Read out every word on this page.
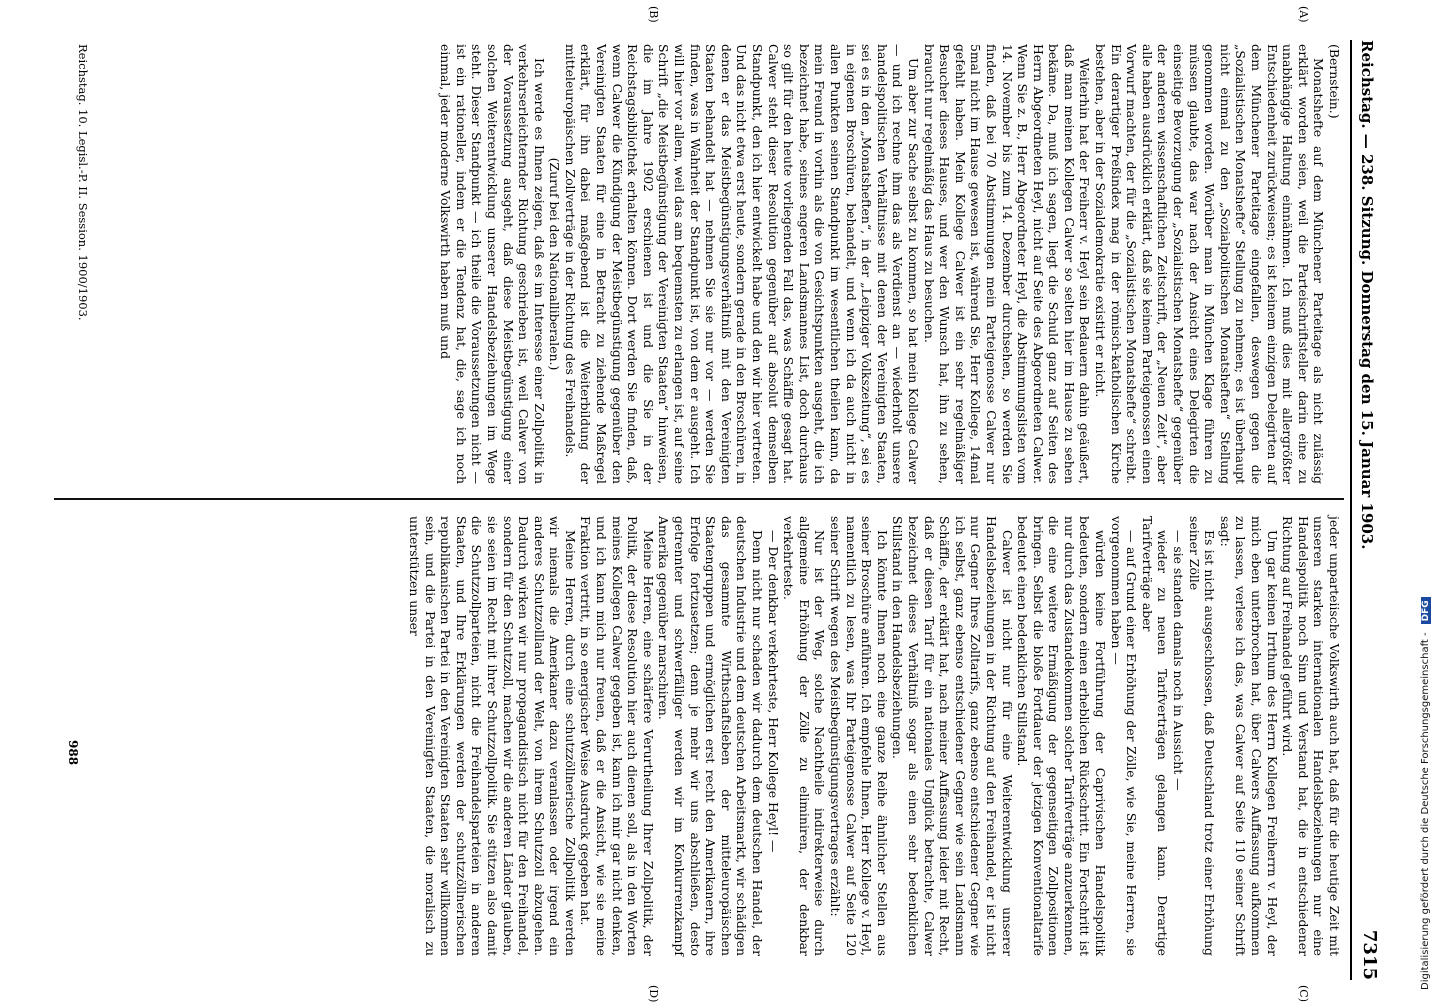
Reichstag. — 238. Sitzung. Donnerstag den 15. Januar 1903.
7315
(A)
(B)
(C)
(D)

(Bernstein.)

Monatshefte auf dem Münchener Parteitage als nicht zulässig erklärt worden seien, weil die Parteischriftsteller darin eine zu unabhängige Haltung einnähmen. Ich muß dies mit allergrößter Entschiedenheit zurückweisen; es ist keinem einzigen Delegirten auf dem Münchener Parteitage eingefallen, deswegen gegen die „Sozialistischen Monatshefte“ Stellung zu nehmen; es ist überhaupt nicht einmal zu den „Sozialpolitischen Monatsheften“ Stellung genommen worden. Worüber man in München Klage führen zu müssen glaubte, das war nach der Ansicht eines Delegirten die einseitige Bevorzugung der „Sozialistischen Monatshefte“ gegenüber der anderen wissenschaftlichen Zeitschrift, der „Neuen Zeit“, aber alle haben ausdrücklich erklärt, daß sie keinem Parteigenossen einen Vorwurf machten, der für die „Sozialistischen Monatshefte“ schreibt. Ein derartiger Preßindex mag in der römisch-katholischen Kirche bestehen, aber in der Sozialdemokratie existirt er nicht.

Weiterhin hat der Freiherr v. Heyl sein Bedauern dahin geäußert, daß man meinen Kollegen Calwer so selten hier im Hause zu sehen bekäme. Da, muß ich sagen, liegt die Schuld ganz auf Seiten des Herrn Abgeordneten Heyl, nicht auf Seite des Abgeordneten Calwer. Wenn Sie z. B., Herr Abgeordneter Heyl, die Abstimmungslisten vom 14. November bis zum 14. Dezember durchsehen, so werden Sie finden, daß bei 70 Abstimmungen mein Parteigenosse Calwer nur 5mal nicht im Hause gewesen ist, während Sie, Herr Kollege, 14mal gefehlt haben. Mein Kollege Calwer ist ein sehr regelmäßiger Besucher dieses Hauses, und wer den Wunsch hat, ihn zu sehen, braucht nur regelmäßig das Haus zu besuchen.

Um aber zur Sache selbst zu kommen, so hat mein Kollege Calwer — und ich rechne ihm das als Verdienst an — wiederholt unsere handelspolitischen Verhältnisse mit denen der Vereinigten Staaten, sei es in den „Monatsheften“, in der „Leipziger Volkszeitung“, sei es in eigenen Broschüren, behandelt, und wenn ich da auch nicht in allen Punkten seinen Standpunkt im wesentlichen theilen kann, da mein Freund in vorhin als die von Gesichtspunkten ausgeht, die ich bezeichnet habe, seines engeren Landsmannes List, doch durchaus so gilt für den heute vorliegenden Fall das, was Schäffle gesagt hat. Calwer steht dieser Resolution gegenüber auf absolut demselben Standpunkt, den ich hier entwickelt habe und den wir hier vertreten. Und das nicht etwa erst heute, sondern gerade in den Broschüren, in denen er das Meistbegünstigungsverhältniß mit den Vereinigten Staaten behandelt hat — nehmen Sie sie nur vor — werden Sie finden, was in Wahrheit der Standpunkt ist, von dem er ausgeht. Ich will hier vor allem, weil das am bequemsten zu erlangen ist, auf seine Schrift „die Meistbegünstigung der Vereinigten Staaten“ hinweisen, die im Jahre 1902 erschienen ist und die Sie in der Reichstagsbibliothek erhalten können. Dort werden Sie finden, daß, wenn Calwer die Kündigung der Meistbegünstigung gegenüber den Vereinigten Staaten für eine in Betracht zu ziehende Maßregel erklärt, für ihn dabei maßgebend ist die Weiterbildung der mitteleuropäischen Zollverträge in der Richtung des Freihandels.

(Zuruf bei den Nationalliberalen.)

Ich werde es Ihnen zeigen, daß es im Interesse einer Zollpolitik in verkehrserleichternder Richtung geschrieben ist, weil Calwer von der Voraussetzung ausgeht, daß diese Meistbegünstigung einer solchen Weiterentwicklung unserer Handelsbeziehungen im Wege steht. Dieser Standpunkt — ich theile die Voraussetzungen nicht — ist ein rationeller, indem er die Tendenz hat, die, sage ich noch einmal, jeder moderne Volkswirth haben muß und

jeder unparteiische Volkswirth auch hat, daß für die heutige Zeit mit unseren starken internationalen Handelsbeziehungen nur eine Handelspolitik noch Sinn und Verstand hat, die in entschiedener Richtung auf Freihandel geführt wird.

Um gar keinen Irrthum des Herrn Kollegen Freiherrn v. Heyl, der mich eben unterbrochen hat, über Calwers Auffassung aufkommen zu lassen, verlese ich das, was Calwer auf Seite 110 seiner Schrift sagt:

Es ist nicht ausgeschlossen, daß Deutschland trotz einer Erhöhung seiner Zölle

— sie standen damals noch in Aussicht —

wieder zu neuen Tarifverträgen gelangen kann. Derartige Tarifverträge aber

— auf Grund einer Erhöhung der Zölle, wie Sie, meine Herren, sie vorgenommen haben —

würden keine Fortführung der Caprivischen Handelspolitik bedeuten, sondern einen erheblichen Rückschritt. Ein Fortschritt ist nur durch das Zustandekommen solcher Tarifverträge anzuerkennen, die eine weitere Ermäßigung der gegenseitigen Zollpositionen bringen. Selbst die bloße Fortdauer der jetzigen Konventionaltarife bedeutet einen bedenklichen Stillstand.

Calwer ist nicht nur für eine Weiterentwicklung unserer Handelsbeziehungen in der Richtung auf den Freihandel, er ist nicht nur Gegner Ihres Zolltarifs, ganz ebenso entschiedener Gegner wie ich selbst, ganz ebenso entschiedener Gegner wie sein Landsmann Schäffle, der erklärt hat, nach meiner Auffassung leider mit Recht, daß er diesen Tarif für ein nationales Unglück betrachte, Calwer bezeichnet dieses Verhältniß sogar als einen sehr bedenklichen Stillstand in den Handelsbeziehungen.

Ich könnte Ihnen noch eine ganze Reihe ähnlicher Stellen aus seiner Broschüre anführen. Ich empfehle Ihnen, Herr Kollege v. Heyl, namentlich zu lesen, was Ihr Parteigenosse Calwer auf Seite 120 seiner Schrift wegen des Meistbegünstigungsvertrages erzählt:

Nur ist der Weg, solche Nachtheile indirekterweise durch allgemeine Erhöhung der Zölle zu eliminiren, der denkbar verkehrteste.

— Der denkbar verkehrteste, Herr Kollege Heyl! —

Denn nicht nur schaden wir dadurch dem deutschen Handel, der deutschen Industrie und dem deutschen Arbeitsmarkt, wir schädigen das gesammte Wirthschaftsleben der mitteleuropäischen Staatengruppen und ermöglichen erst recht den Amerikanern, ihre Erfolge fortzusetzen; denn je mehr wir uns abschließen, desto getrennter und schwerfälliger werden wir im Konkurrenzkampf Amerika gegenüber marschiren.

Meine Herren, eine schärfere Verurtheilung Ihrer Zollpolitik, der Politik, der diese Resolution hier auch dienen soll, als in den Worten meines Kollegen Calwer gegeben ist, kann ich mir gar nicht denken, und ich kann mich nur freuen, daß er die Ansicht, wie sie meine Fraktion vertritt, in so energischer Weise Ausdruck gegeben hat.

Meine Herren, durch eine schutzzöllnerische Zollpolitik werden wir niemals die Amerikaner dazu veranlassen oder irgend ein anderes Schutzzollland der Welt, von ihrem Schutzzoll abzugehen. Dadurch wirken wir nur propagandistisch nicht für den Freihandel, sondern für den Schutzzoll, machen wir die anderen Länder glauben, sie seien im Recht mit ihrer Schutzzollpolitik. Sie stützen also damit die Schutzzollparteien, nicht die Freihandelsparteien in anderen Staaten, und Ihre Erklärungen werden der schutzzöllnerischen republikanischen Partei in den Vereinigten Staaten sehr willkommen sein, und die Partei in den Vereinigten Staaten, die moralisch zu unterstützen unser

Reichstag. 10. Legisl.-P. II. Session. 1900/1903.
988	Digitalisierung gefördert durch die Deutsche Forschungsgemeinschaft -DFG
